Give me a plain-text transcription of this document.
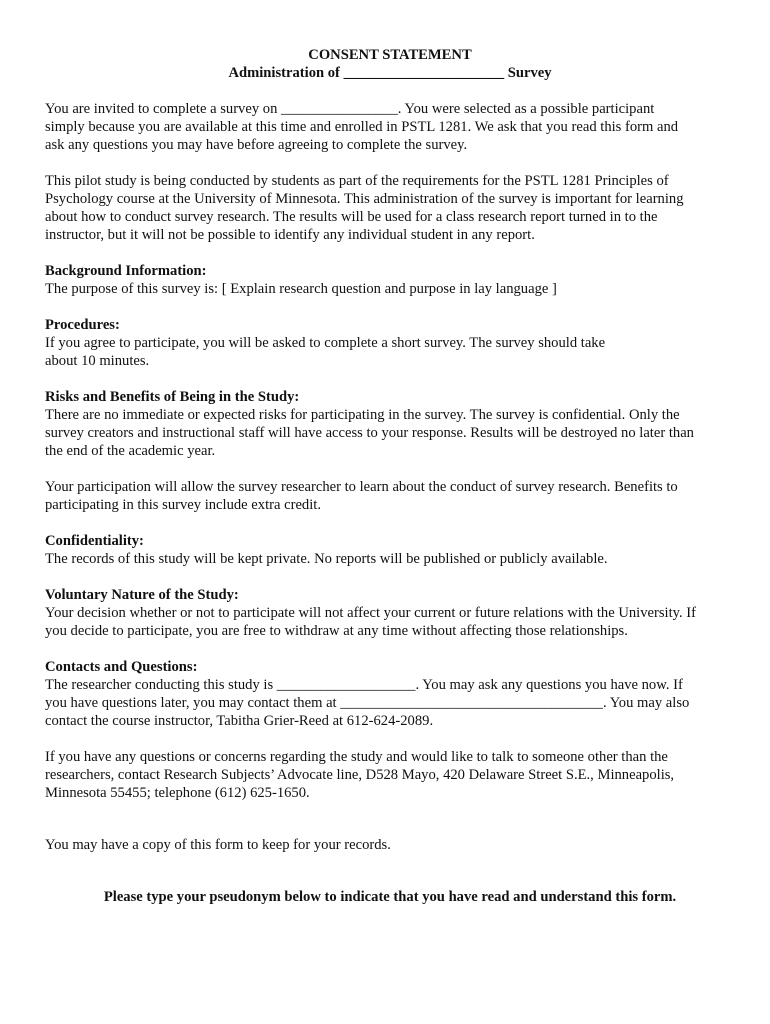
CONSENT STATEMENT
Administration of ______________________ Survey

You are invited to complete a survey on ________________. You were selected as a possible participant
simply because you are available at this time and enrolled in PSTL 1281. We ask that you read this form and
ask any questions you may have before agreeing to complete the survey.

This pilot study is being conducted by students as part of the requirements for the PSTL 1281 Principles of
Psychology course at the University of Minnesota. This administration of the survey is important for learning
about how to conduct survey research. The results will be used for a class research report turned in to the
instructor, but it will not be possible to identify any individual student in any report.

Background Information:
The purpose of this survey is: [ Explain research question and purpose in lay language ]

Procedures:
If you agree to participate, you will be asked to complete a short survey. The survey should take
about 10 minutes.

Risks and Benefits of Being in the Study:
There are no immediate or expected risks for participating in the survey. The survey is confidential. Only the
survey creators and instructional staff will have access to your response. Results will be destroyed no later than
the end of the academic year.

Your participation will allow the survey researcher to learn about the conduct of survey research. Benefits to
participating in this survey include extra credit.

Confidentiality:
The records of this study will be kept private. No reports will be published or publicly available.

Voluntary Nature of the Study:
Your decision whether or not to participate will not affect your current or future relations with the University. If
you decide to participate, you are free to withdraw at any time without affecting those relationships.

Contacts and Questions:
The researcher conducting this study is ___________________. You may ask any questions you have now. If
you have questions later, you may contact them at ____________________________________. You may also
contact the course instructor, Tabitha Grier-Reed at 612-624-2089.

If you have any questions or concerns regarding the study and would like to talk to someone other than the
researchers, contact Research Subjects’ Advocate line, D528 Mayo, 420 Delaware Street S.E., Minneapolis,
Minnesota 55455; telephone (612) 625-1650.

You may have a copy of this form to keep for your records.

Please type your pseudonym below to indicate that you have read and understand this form.
